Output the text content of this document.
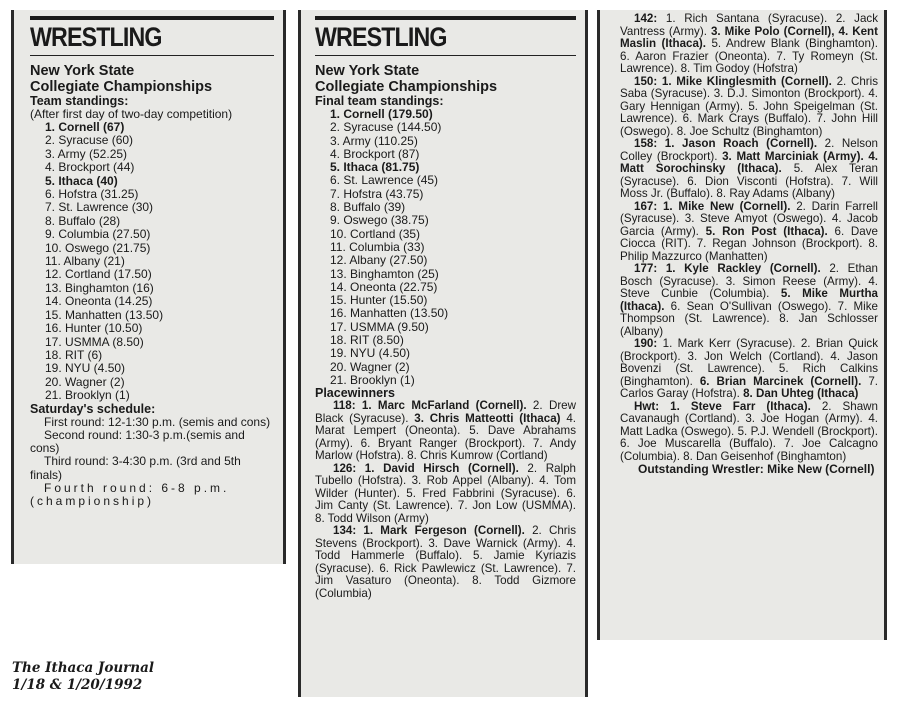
WRESTLING
New York State
Collegiate Championships
Team standings:
(After first day of two-day competition)
1. Cornell (67)
2. Syracuse (60)
3. Army (52.25)
4. Brockport (44)
5. Ithaca (40)
6. Hofstra (31.25)
7. St. Lawrence (30)
8. Buffalo (28)
9. Columbia (27.50)
10. Oswego (21.75)
11. Albany (21)
12. Cortland (17.50)
13. Binghamton (16)
14. Oneonta (14.25)
15. Manhatten (13.50)
16. Hunter (10.50)
17. USMMA (8.50)
18. RIT (6)
19. NYU (4.50)
20. Wagner (2)
21. Brooklyn (1)
Saturday's schedule:
First round: 12-1:30 p.m. (semis and cons)
Second round: 1:30-3 p.m.(semis and cons)
Third round: 3-4:30 p.m. (3rd and 5th finals)
Fourth round: 6-8 p.m. (championship)
WRESTLING
New York State
Collegiate Championships
Final team standings:
1. Cornell (179.50)
2. Syracuse (144.50)
3. Army (110.25)
4. Brockport (87)
5. Ithaca (81.75)
6. St. Lawrence (45)
7. Hofstra (43.75)
8. Buffalo (39)
9. Oswego (38.75)
10. Cortland (35)
11. Columbia (33)
12. Albany (27.50)
13. Binghamton (25)
14. Oneonta (22.75)
15. Hunter (15.50)
16. Manhatten (13.50)
17. USMMA (9.50)
18. RIT (8.50)
19. NYU (4.50)
20. Wagner (2)
21. Brooklyn (1)
Placewinners
118: 1. Marc McFarland (Cornell). 2. Drew Black (Syracuse). 3. Chris Matteotti (Ithaca) 4. Marat Lempert (Oneonta). 5. Dave Abrahams (Army). 6. Bryant Ranger (Brockport). 7. Andy Marlow (Hofstra). 8. Chris Kumrow (Cortland)
126: 1. David Hirsch (Cornell). 2. Ralph Tubello (Hofstra). 3. Rob Appel (Albany). 4. Tom Wilder (Hunter). 5. Fred Fabbrini (Syracuse). 6. Jim Canty (St. Lawrence). 7. Jon Low (USMMA). 8. Todd Wilson (Army)
134: 1. Mark Fergeson (Cornell). 2. Chris Stevens (Brockport). 3. Dave Warnick (Army). 4. Todd Hammerle (Buffalo). 5. Jamie Kyriazis (Syracuse). 6. Rick Pawlewicz (St. Lawrence). 7. Jim Vasaturo (Oneonta). 8. Todd Gizmore (Columbia)
142: 1. Rich Santana (Syracuse). 2. Jack Vantress (Army). 3. Mike Polo (Cornell), 4. Kent Maslin (Ithaca). 5. Andrew Blank (Binghamton). 6. Aaron Frazier (Oneonta). 7. Ty Romeyn (St. Lawrence). 8. Tim Godoy (Hofstra)
150: 1. Mike Klinglesmith (Cornell). 2. Chris Saba (Syracuse). 3. D.J. Simonton (Brockport). 4. Gary Hennigan (Army). 5. John Speigelman (St. Lawrence). 6. Mark Crays (Buffalo). 7. John Hill (Oswego). 8. Joe Schultz (Binghamton)
158: 1. Jason Roach (Cornell). 2. Nelson Colley (Brockport). 3. Matt Marciniak (Army). 4. Matt Sorochinsky (Ithaca). 5. Alex Teran (Syracuse). 6. Dion Visconti (Hofstra). 7. Will Moss Jr. (Buffalo). 8. Ray Adams (Albany)
167: 1. Mike New (Cornell). 2. Darin Farrell (Syracuse). 3. Steve Amyot (Oswego). 4. Jacob Garcia (Army). 5. Ron Post (Ithaca). 6. Dave Ciocca (RIT). 7. Regan Johnson (Brockport). 8. Philip Mazzurco (Manhatten)
177: 1. Kyle Rackley (Cornell). 2. Ethan Bosch (Syracuse). 3. Simon Reese (Army). 4. Steve Cunbie (Columbia). 5. Mike Murtha (Ithaca). 6. Sean O'Sullivan (Oswego). 7. Mike Thompson (St. Lawrence). 8. Jan Schlosser (Albany)
190: 1. Mark Kerr (Syracuse). 2. Brian Quick (Brockport). 3. Jon Welch (Cortland). 4. Jason Bovenzi (St. Lawrence). 5. Rich Calkins (Binghamton). 6. Brian Marcinek (Cornell). 7. Carlos Garay (Hofstra). 8. Dan Uhteg (Ithaca)
Hwt: 1. Steve Farr (Ithaca). 2. Shawn Cavanaugh (Cortland). 3. Joe Hogan (Army). 4. Matt Ladka (Oswego). 5. P.J. Wendell (Brockport). 6. Joe Muscarella (Buffalo). 7. Joe Calcagno (Columbia). 8. Dan Geisenhof (Binghamton)
Outstanding Wrestler: Mike New (Cornell)
The Ithaca Journal
1/18 & 1/20/1992
